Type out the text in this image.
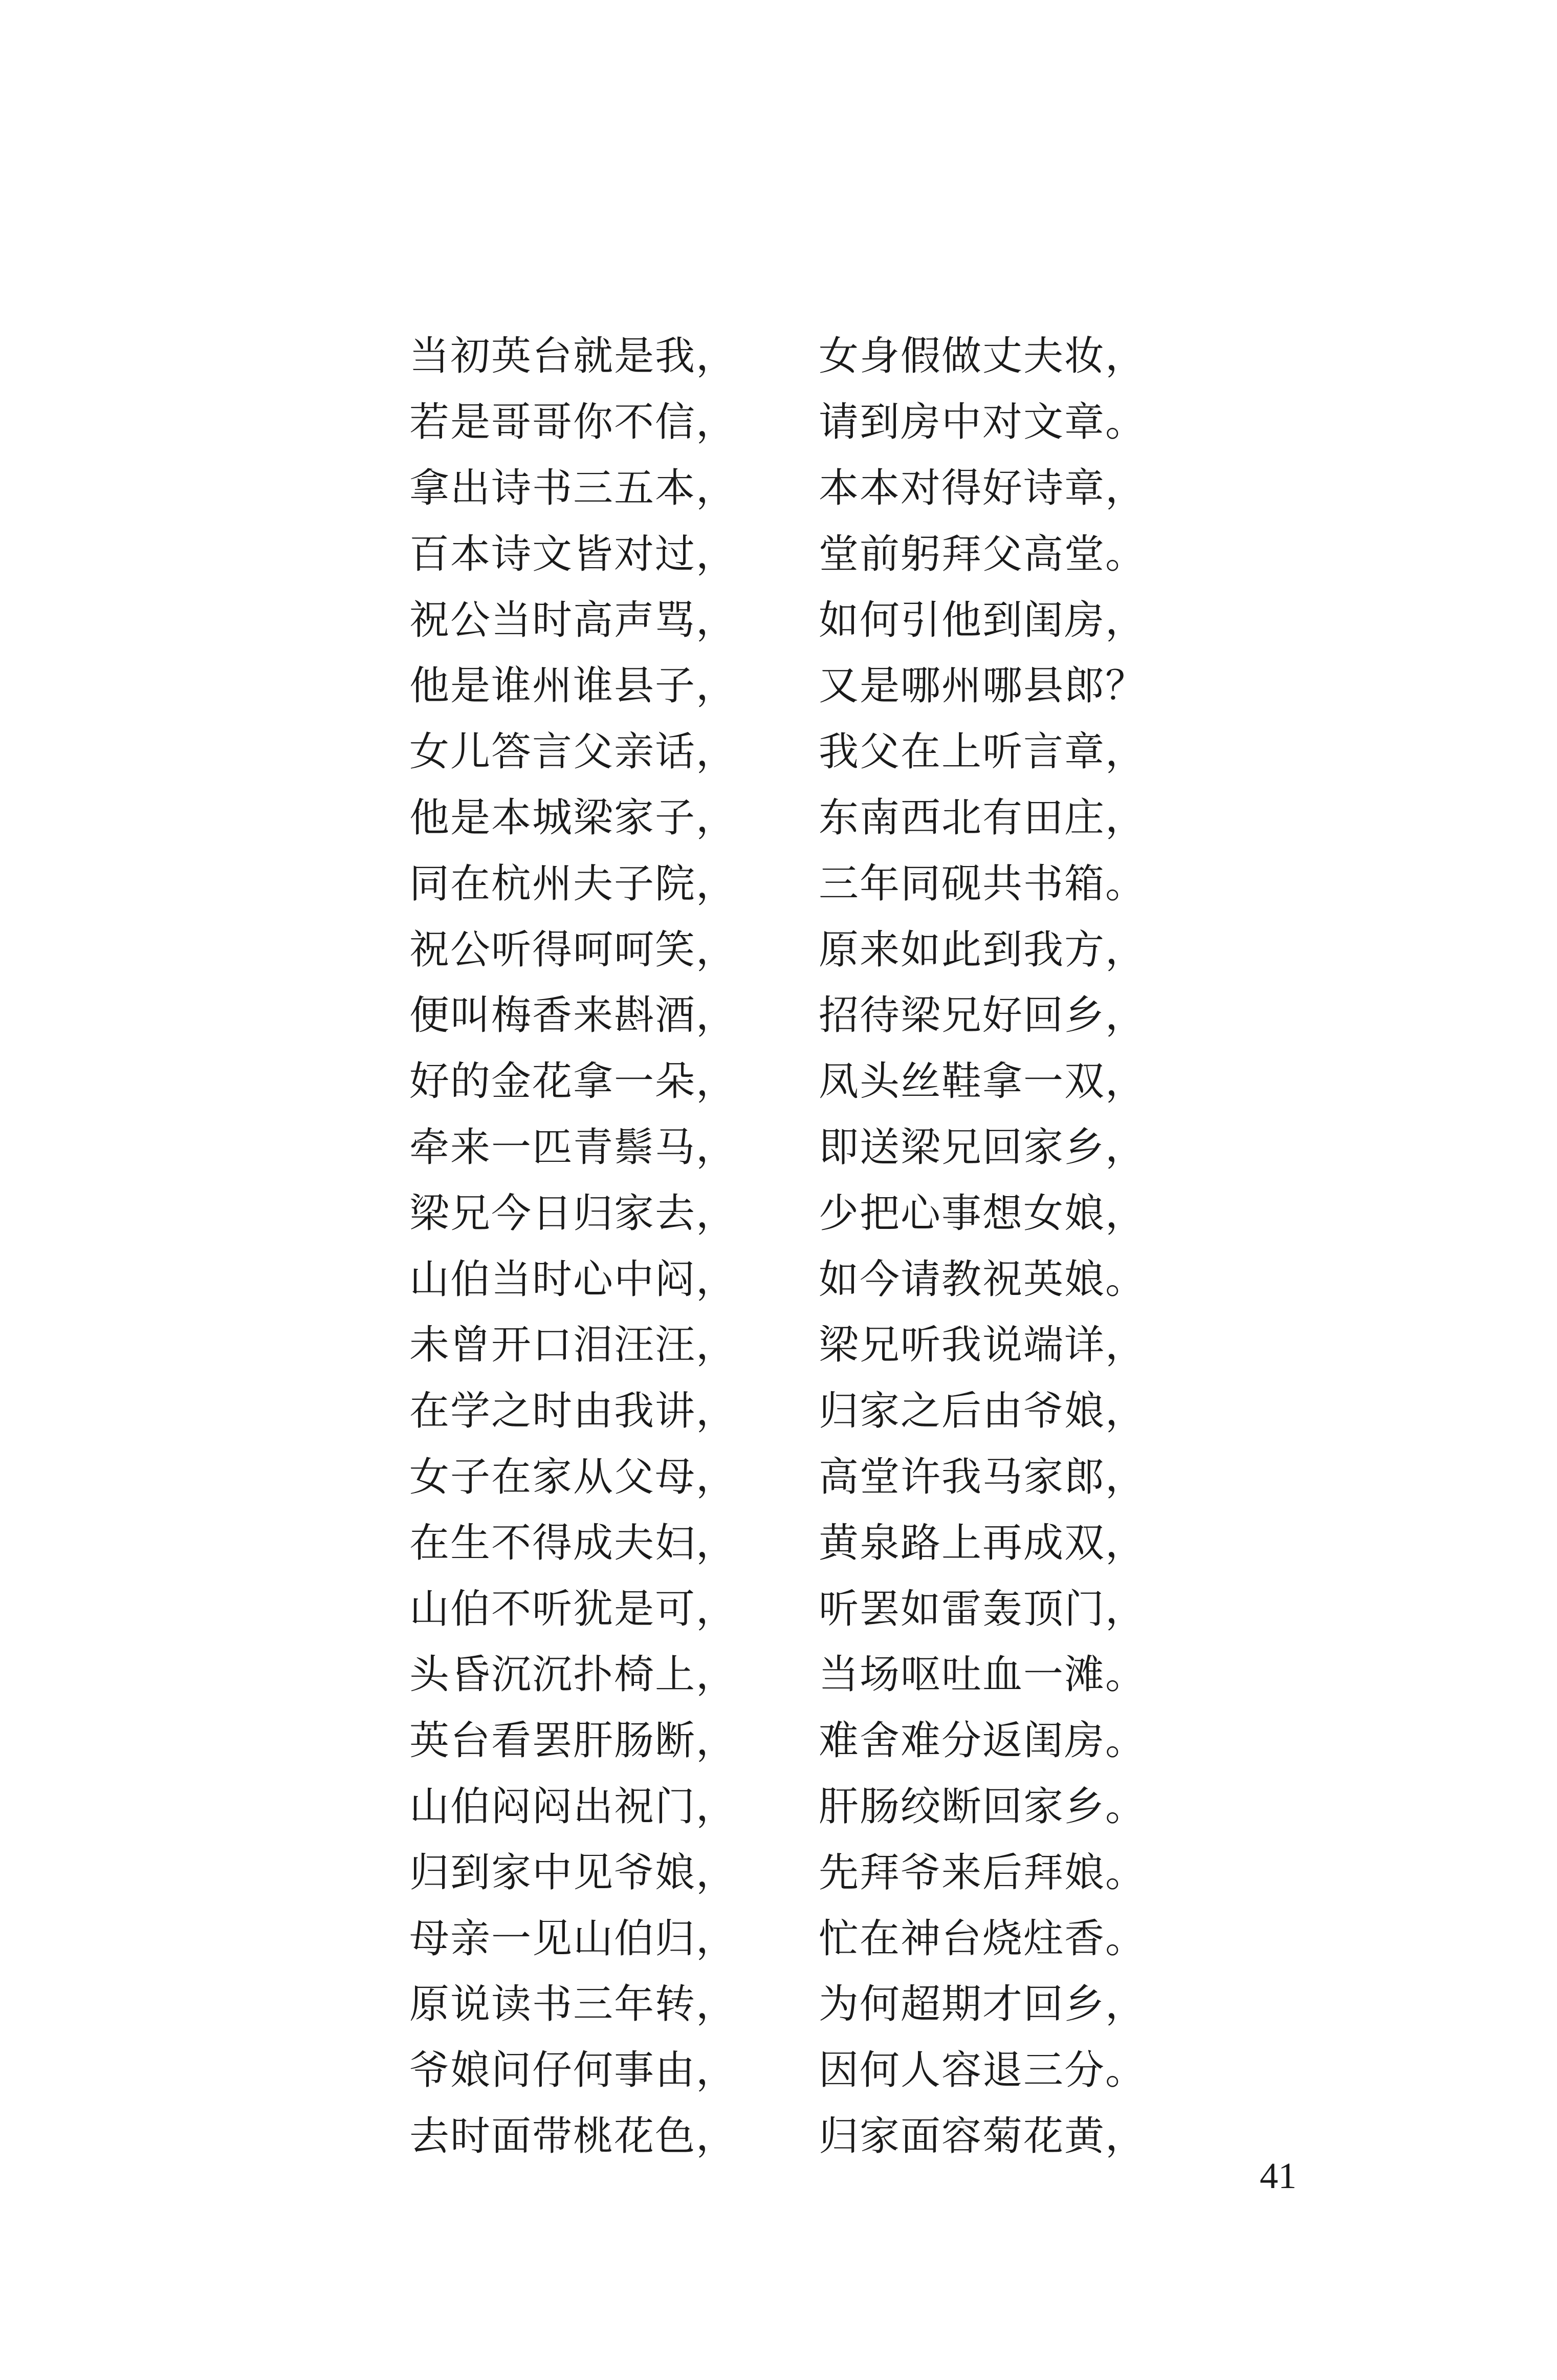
当初英台就是我，	女身假做丈夫妆，
若是哥哥你不信，	请到房中对文章。
拿出诗书三五本，	本本对得好诗章，
百本诗文皆对过，	堂前躬拜父高堂。
祝公当时高声骂，	如何引他到闺房，
他是谁州谁县子，	又是哪州哪县郎？
女儿答言父亲话，	我父在上听言章，
他是本城梁家子，	东南西北有田庄，
同在杭州夫子院，	三年同砚共书箱。
祝公听得呵呵笑，	原来如此到我方，
便叫梅香来斟酒，	招待梁兄好回乡，
好的金花拿一朵，	凤头丝鞋拿一双，
牵来一匹青鬃马，	即送梁兄回家乡，
梁兄今日归家去，	少把心事想女娘，
山伯当时心中闷，	如今请教祝英娘。
未曾开口泪汪汪，	梁兄听我说端详，
在学之时由我讲，	归家之后由爷娘，
女子在家从父母，	高堂许我马家郎，
在生不得成夫妇，	黄泉路上再成双，
山伯不听犹是可，	听罢如雷轰顶门，
头昏沉沉扑椅上，	当场呕吐血一滩。
英台看罢肝肠断，	难舍难分返闺房。
山伯闷闷出祝门，	肝肠绞断回家乡。
归到家中见爷娘，	先拜爷来后拜娘。
母亲一见山伯归，	忙在神台烧炷香。
原说读书三年转，	为何超期才回乡，
爷娘问仔何事由，	因何人容退三分。
去时面带桃花色，	归家面容菊花黄，
41
